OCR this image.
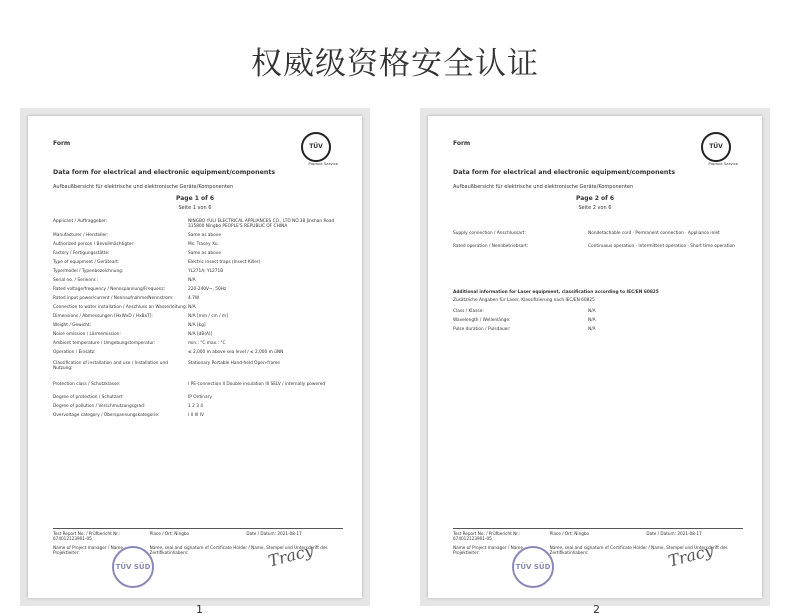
权威级资格安全认证
Form	TÜV
Product Service
Data form for electrical and electronic equipment/components
Aufbaußbersicht für elektrische und elektronische Geräte/Komponenten
Page 1 of 6
Seite 1 von 6
Applicant / Auftraggeber:	NINGBO YULI ELECTRICAL APPLIANCES CO., LTD NO.38 Jinshan Road 315800 Ningbo PEOPLE'S REPUBLIC OF CHINA
Manufacturer / Hersteller:	Same as above
Authorized person / Bevollmächtigter:	Ms. Tracey Xu
Factory / Fertigungsstätte:	Same as above
Type of equipment / Geräteart:	Electric insect traps (Insect Killer)
Type/model / Typenbezeichnung:	YL271A; YL271B
Serial no. / Seriennr.:	N/A
Rated voltage/frequency / Nennspannung/Frequenz:	220-240V~, 50Hz
Rated input power/current / Nennaufnahme/Nennstrom:	4.7W
Connection to water installation / Anschluss an Wasserleitung: N/A
Dimensions / Abmessungen [HxWxD / HxBxT]:	N/A [mm / cm / m]
Weight / Gewicht:	N/A [kg]
Noise emission / Lärmemission:	N/A [dB(A)]
Ambient temperature / Umgebungstemperatur:	min.: °C max.: °C
Operation / Einsatz:	≤ 2,000 m above sea level / ≤ 2,000 m üNN
Classification of installation and use / Installation und Nutzung:
Stationary Portable Hand-held Open-frame
Protection class / Schutzklasse:	I PE-connection II Double insulation III SELV / internally powered
Degree of protection / Schutzart:	IP Ordinary
Degree of pollution / Verschmutzungsgrad:	1 2 3 4
Overvoltage category / Überspannungskategorie:	I II III IV
Test Report No. / Prüfbericht Nr.: 674012123901-05
Place / Ort: Ningbo	Date / Datum: 2021-08-17
Name of Project manager / Name Projektleiter:
Name, seal and signature of Certificate Holder / Name, Stempel und Unterschrift des Zertifikatinhabers:
TÜV SÜD	Tracy
Form	TÜV
Product Service
Data form for electrical and electronic equipment/components
Aufbaußbersicht für elektrische und elektronische Geräte/Komponenten
Page 2 of 6
Seite 2 von 6
Supply connection / Anschlussart:	Nondetachable cord · Permanent connection · Appliance inlet
Rated operation / Nennbetriebsart:	Continuous operation · Intermittent operation · Short time operation
Additional information for Laser equipment, classification according to IEC/EN 60825
Zusätzliche Angaben für Laser, Klassifizierung nach IEC/EN 60825
Class / Klasse:	N/A
Wavelength / Wellenlänge:	N/A
Pulse duration / Pulsdauer:	N/A
Test Report No. / Prüfbericht Nr.: 674012123901-05
Place / Ort: Ningbo	Date / Datum: 2021-08-17
Name of Project manager / Name Projektleiter:
Name, seal and signature of Certificate Holder / Name, Stempel und Unterschrift des Zertifikatinhabers:
TÜV SÜD	Tracy
1	2
